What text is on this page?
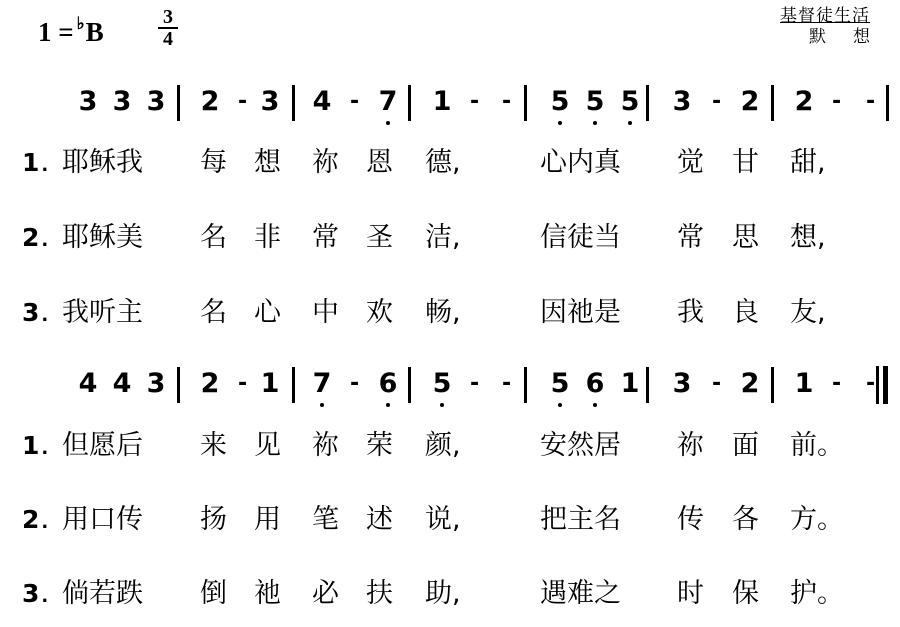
1 = ♭B	3
4
基督徒生活
默想
3 3 3 2 - 3 4 - 7 1 - - 5 5 5 3 - 2 2 - -
4 4 3 2 - 1 7 - 6 5 - - 5 6 1 3 - 2 1 - -
1 . 耶稣我 每 想 祢 恩 德,	心内真 觉 甘 甜,
2 . 耶稣美 名 非 常 圣 洁,	信徒当 常 思 想,
3 . 我听主 名 心 中 欢 畅,	因祂是 我 良 友,
1 . 但愿后 来 见 祢 荣 颜,	安然居 祢 面 前。
2 . 用口传 扬 用 笔 述 说,	把主名 传 各 方。
3 . 倘若跌 倒 祂 必 扶 助,	遇难之 时 保 护。
